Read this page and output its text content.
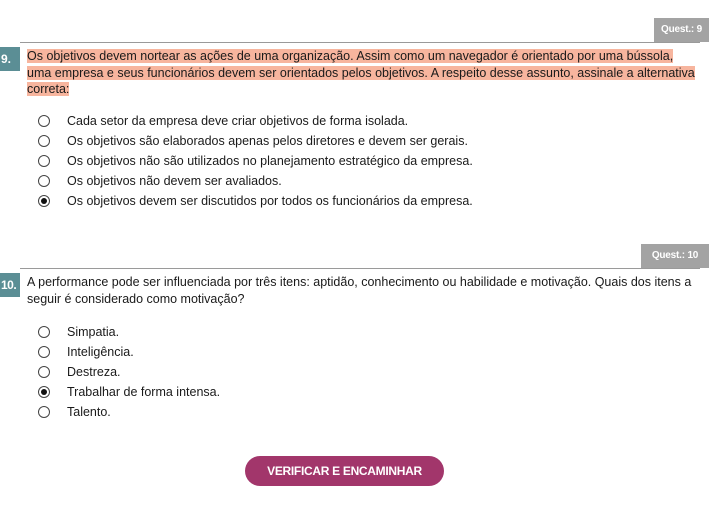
Quest.: 9
9.	Os objetivos devem nortear as ações de uma organização. Assim como um navegador é orientado por uma bússola, uma empresa e seus funcionários devem ser orientados pelos objetivos. A respeito desse assunto, assinale a alternativa correta:
Cada setor da empresa deve criar objetivos de forma isolada.
Os objetivos são elaborados apenas pelos diretores e devem ser gerais.
Os objetivos não são utilizados no planejamento estratégico da empresa.
Os objetivos não devem ser avaliados.
Os objetivos devem ser discutidos por todos os funcionários da empresa.
Quest.: 10
10. A performance pode ser influenciada por três itens: aptidão, conhecimento ou habilidade e motivação. Quais dos itens a seguir é considerado como motivação?
Simpatia.
Inteligência.
Destreza.
Trabalhar de forma intensa.
Talento.
VERIFICAR E ENCAMINHAR
